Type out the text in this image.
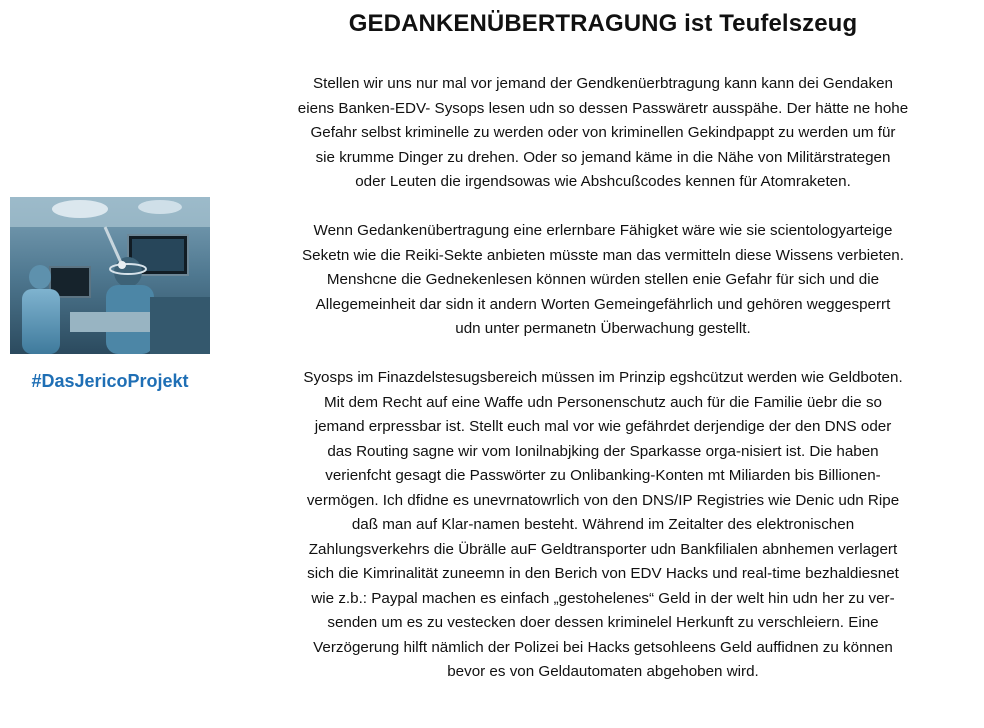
GEDANKENÜBERTRAGUNG ist Teufelszeug
#DasJericoProjekt
Stellen wir uns nur mal vor jemand der Gendkenüerbtragung kann kann dei Gendaken
eiens Banken-EDV- Sysops lesen udn so dessen Passwäretr ausspähe. Der hätte ne hohe
Gefahr selbst kriminelle zu werden oder von kriminellen Gekindpappt zu werden um für
sie krumme Dinger zu drehen. Oder so jemand käme in die Nähe von Militärstrategen
oder Leuten die irgendsowas wie Abshcußcodes kennen für Atomraketen.
Wenn Gedankenübertragung eine erlernbare Fähigket wäre wie sie scientologyarteige
Seketn wie die Reiki-Sekte anbieten müsste man das vermitteln diese Wissens verbieten.
Menshcne die Gednekenlesen können würden stellen enie Gefahr für sich und die
Allegemeinheit dar sidn it andern Worten Gemeingefährlich und gehören weggesperrt
udn unter permanetn Überwachung gestellt.
Syosps im Finazdelstesugsbereich müssen im Prinzip egshcützut werden wie Geldboten.
Mit dem Recht auf eine Waffe udn Personenschutz auch für die Familie üebr die so
jemand erpressbar ist. Stellt euch mal vor wie gefährdet derjendige der den DNS oder
das Routing sagne wir vom Ionilnabjking der Sparkasse orga-nisiert ist. Die haben
verienfcht gesagt die Passwörter zu Onlibanking-Konten mt Miliarden bis Billionen-
vermögen. Ich dfidne es unevrnatowrlich von den DNS/IP Registries wie Denic udn Ripe
daß man auf Klar-namen besteht. Während im Zeitalter des elektronischen
Zahlungsverkehrs die Übrälle auF Geldtransporter udn Bankfilialen abnhemen verlagert
sich die Kimrinalität zuneemn in den Berich von EDV Hacks und real-time bezhaldiesnet
wie z.b.: Paypal machen es einfach „gestohelenes“ Geld in der welt hin udn her zu ver-
senden um es zu vestecken doer dessen kriminelel Herkunft zu verschleiern. Eine
Verzögerung hilft nämlich der Polizei bei Hacks getsohleens Geld auffidnen zu können
bevor es von Geldautomaten abgehoben wird.
